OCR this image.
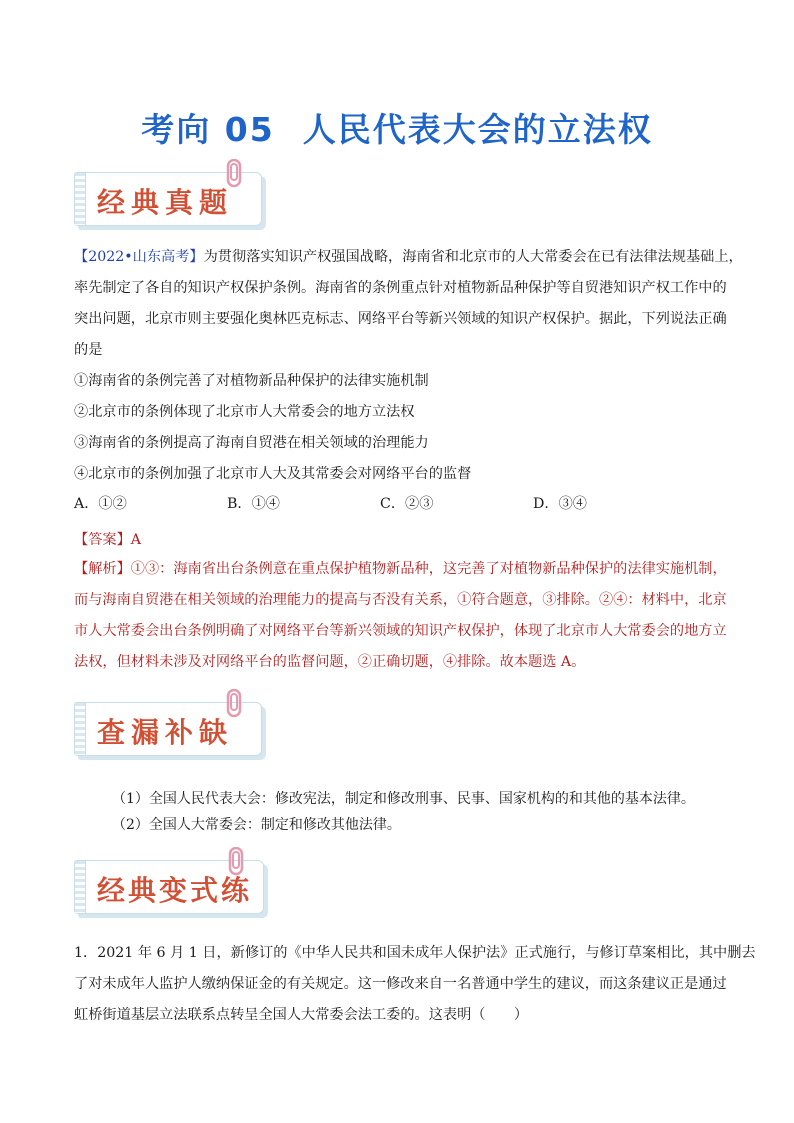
考向 05 人民代表大会的立法权
经典真题
【2022•山东高考】为贯彻落实知识产权强国战略，海南省和北京市的人大常委会在已有法律法规基础上，
率先制定了各自的知识产权保护条例。海南省的条例重点针对植物新品种保护等自贸港知识产权工作中的
突出问题，北京市则主要强化奥林匹克标志、网络平台等新兴领域的知识产权保护。据此，下列说法正确
的是
①海南省的条例完善了对植物新品种保护的法律实施机制
②北京市的条例体现了北京市人大常委会的地方立法权
③海南省的条例提高了海南自贸港在相关领域的治理能力
④北京市的条例加强了北京市人大及其常委会对网络平台的监督
A．①②	B．①④	C．②③	D．③④
【答案】A
【解析】①③：海南省出台条例意在重点保护植物新品种，这完善了对植物新品种保护的法律实施机制，
而与海南自贸港在相关领域的治理能力的提高与否没有关系，①符合题意，③排除。②④：材料中，北京
市人大常委会出台条例明确了对网络平台等新兴领域的知识产权保护，体现了北京市人大常委会的地方立
法权，但材料未涉及对网络平台的监督问题，②正确切题，④排除。故本题选 A。
查漏补缺
（1）全国人民代表大会：修改宪法，制定和修改刑事、民事、国家机构的和其他的基本法律。
（2）全国人大常委会：制定和修改其他法律。
经典变式练
1．2021 年 6 月 1 日，新修订的《中华人民共和国未成年人保护法》正式施行，与修订草案相比，其中删去
了对未成年人监护人缴纳保证金的有关规定。这一修改来自一名普通中学生的建议，而这条建议正是通过
虹桥街道基层立法联系点转呈全国人大常委会法工委的。这表明（　　）
